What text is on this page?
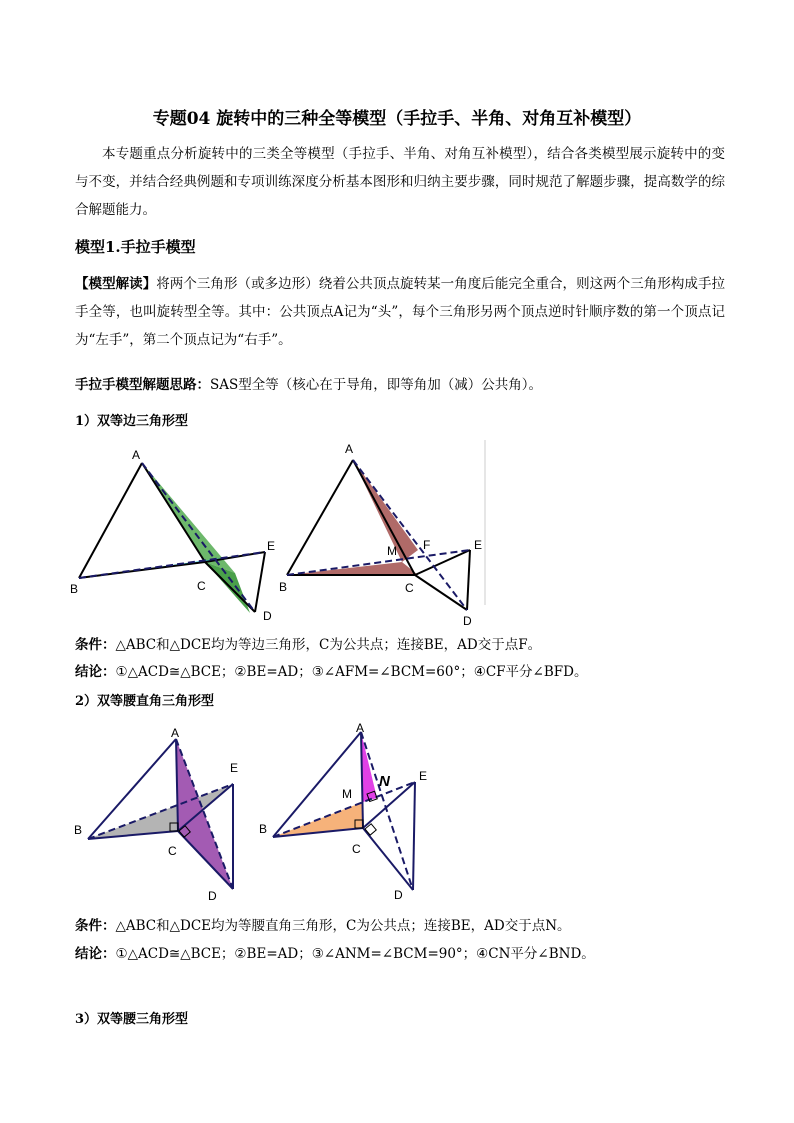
专题04 旋转中的三种全等模型（手拉手、半角、对角互补模型）
本专题重点分析旋转中的三类全等模型（手拉手、半角、对角互补模型），结合各类模型展示旋转中的变与不变，并结合经典例题和专项训练深度分析基本图形和归纳主要步骤，同时规范了解题步骤，提高数学的综合解题能力。
模型1.手拉手模型
【模型解读】将两个三角形（或多边形）绕着公共顶点旋转某一角度后能完全重合，则这两个三角形构成手拉手全等，也叫旋转型全等。其中：公共顶点A记为“头”，每个三角形另两个顶点逆时针顺序数的第一个顶点记为“左手”，第二个顶点记为“右手”。
手拉手模型解题思路：SAS型全等（核心在于导角，即等角加（减）公共角）。
1）双等边三角形型
A
B	C
D
E
A
B	C
D
E
M F
条件：△ABC和△DCE均为等边三角形，C为公共点；连接BE，AD交于点F。
结论：①△ACD≅△BCE；②BE=AD；③∠AFM=∠BCM=60°；④CF平分∠BFD。
2）双等腰直角三角形型
A
B
C
D
E
A
B
C
D
E
M
N
条件：△ABC和△DCE均为等腰直角三角形，C为公共点；连接BE，AD交于点N。
结论：①△ACD≅△BCE；②BE=AD；③∠ANM=∠BCM=90°；④CN平分∠BND。
3）双等腰三角形型
